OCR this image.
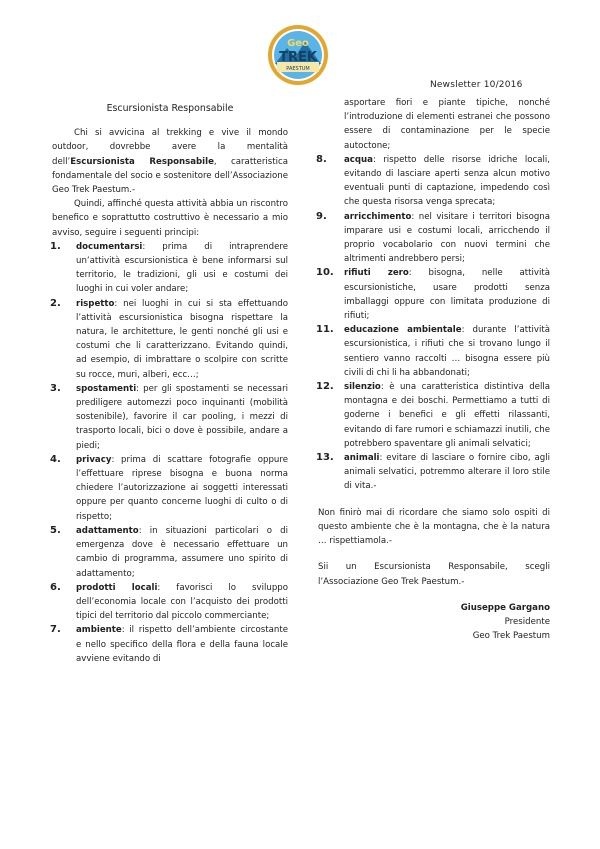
Geo
TREK
PAESTUM
Newsletter 10/2016
Escursionista Responsabile

Chi si avvicina al trekking e vive il mondo outdoor, dovrebbe avere la mentalità dell’Escursionista Responsabile, caratteristica fondamentale del socio e sostenitore dell’Associazione Geo Trek Paestum.-

Quindi, affinché questa attività abbia un riscontro benefico e soprattutto costruttivo è necessario a mio avviso, seguire i seguenti principi:

1. documentarsi: prima di intraprendere un’attività escursionistica è bene informarsi sul territorio, le tradizioni, gli usi e costumi dei luoghi in cui voler andare;
2. rispetto: nei luoghi in cui si sta effettuando l’attività escursionistica bisogna rispettare la natura, le architetture, le genti nonché gli usi e costumi che li caratterizzano. Evitando quindi, ad esempio, di imbrattare o scolpire con scritte su rocce, muri, alberi, ecc…;
3. spostamenti: per gli spostamenti se necessari prediligere automezzi poco inquinanti (mobilità sostenibile), favorire il car pooling, i mezzi di trasporto locali, bici o dove è possibile, andare a piedi;
4. privacy: prima di scattare fotografie oppure l’effettuare riprese bisogna e buona norma chiedere l’autorizzazione ai soggetti interessati oppure per quanto concerne luoghi di culto o di rispetto;
5. adattamento: in situazioni particolari o di emergenza dove è necessario effettuare un cambio di programma, assumere uno spirito di adattamento;
6. prodotti locali: favorisci lo sviluppo dell’economia locale con l’acquisto dei prodotti tipici del territorio dal piccolo commerciante;
7. ambiente: il rispetto dell’ambiente circostante e nello specifico della flora e della fauna locale avviene evitando di

asportare fiori e piante tipiche, nonché l’introduzione di elementi estranei che possono essere di contaminazione per le specie autoctone;

8. acqua: rispetto delle risorse idriche locali, evitando di lasciare aperti senza alcun motivo eventuali punti di captazione, impedendo così che questa risorsa venga sprecata;
9. arricchimento: nel visitare i territori bisogna imparare usi e costumi locali, arricchendo il proprio vocabolario con nuovi termini che altrimenti andrebbero persi;
10. rifiuti zero: bisogna, nelle attività escursionistiche, usare prodotti senza imballaggi oppure con limitata produzione di rifiuti;
11. educazione ambientale: durante l’attività escursionistica, i rifiuti che si trovano lungo il sentiero vanno raccolti … bisogna essere più civili di chi li ha abbandonati;
12. silenzio: è una caratteristica distintiva della montagna e dei boschi. Permettiamo a tutti di goderne i benefici e gli effetti rilassanti, evitando di fare rumori e schiamazzi inutili, che potrebbero spaventare gli animali selvatici;
13. animali: evitare di lasciare o fornire cibo, agli animali selvatici, potremmo alterare il loro stile di vita.-

Non finirò mai di ricordare che siamo solo ospiti di questo ambiente che è la montagna, che è la natura … rispettiamola.-

Sii un Escursionista Responsabile, scegli l’Associazione Geo Trek Paestum.-

Giuseppe Gargano

Presidente

Geo Trek Paestum
